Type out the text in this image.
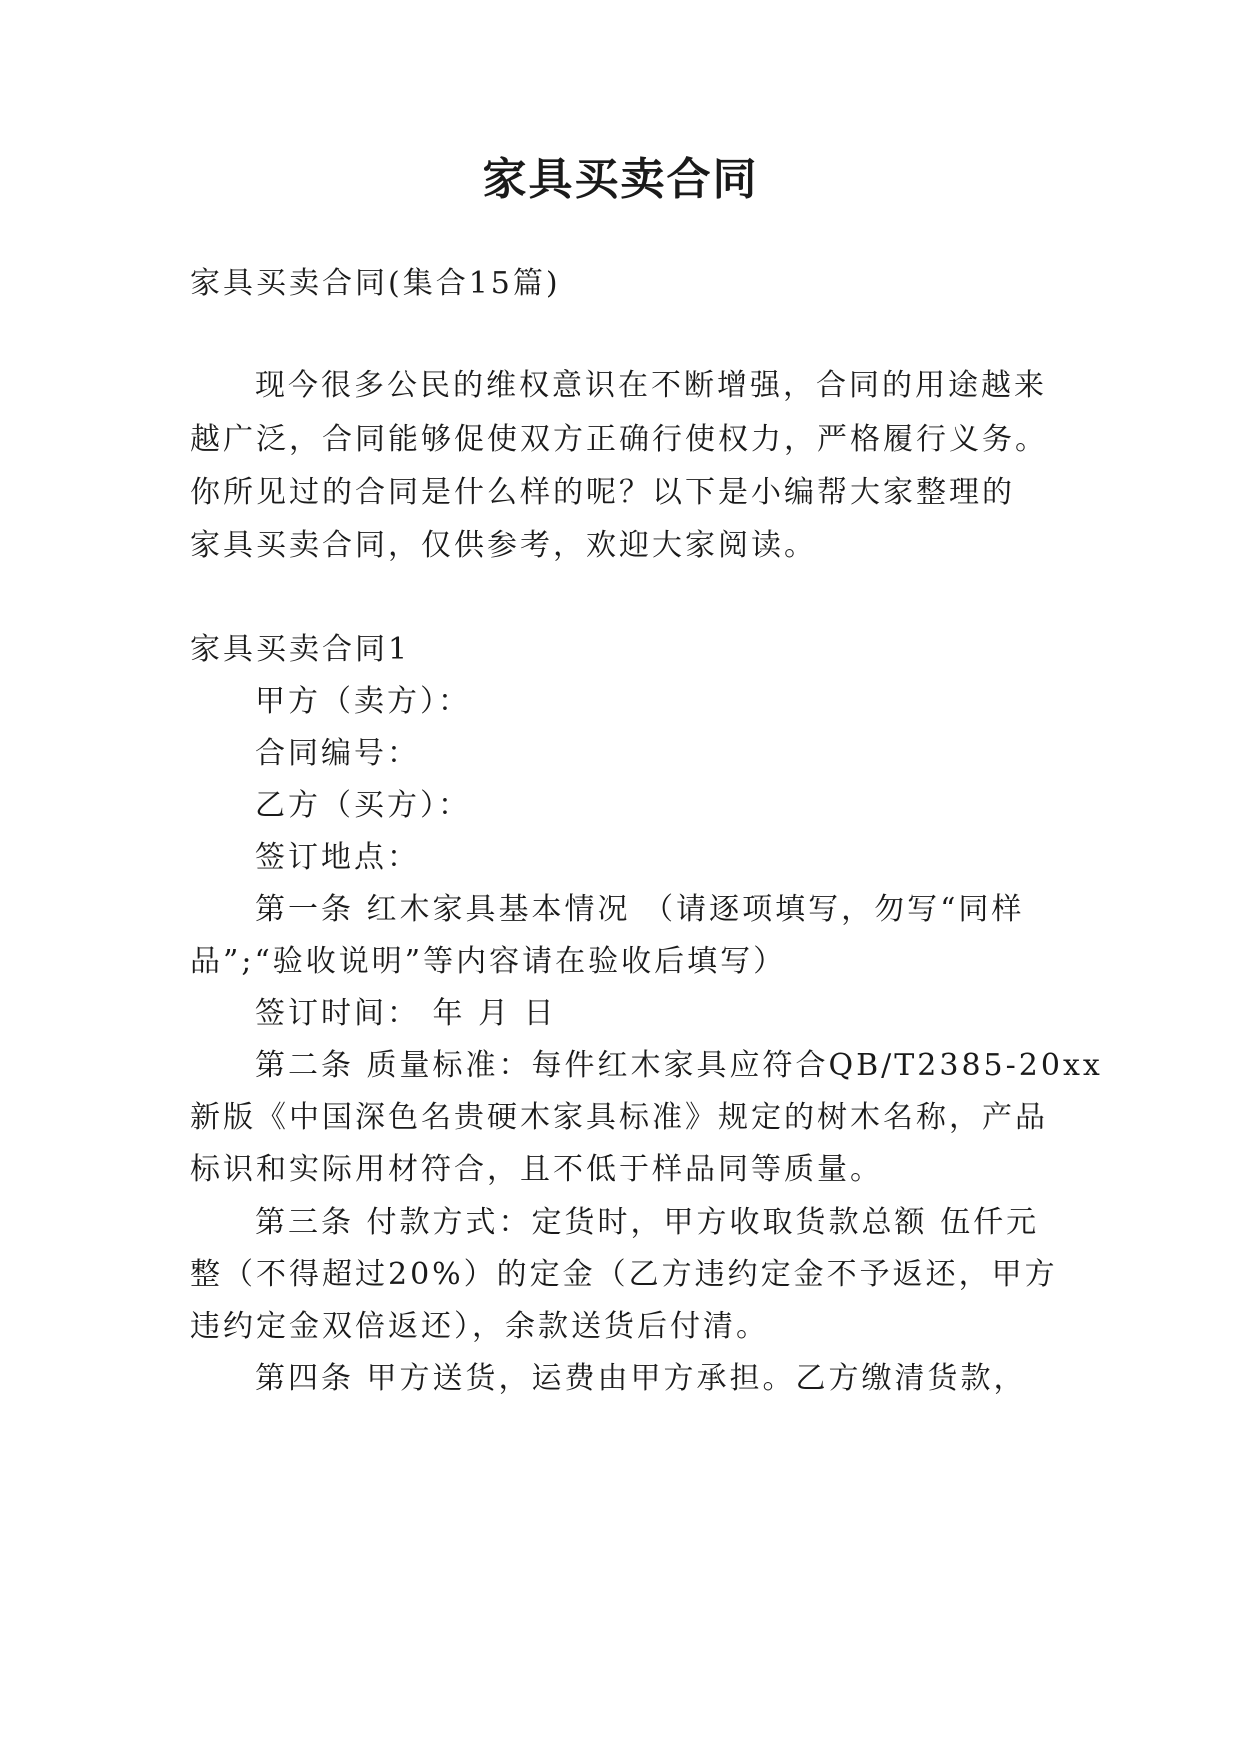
家具买卖合同

家具买卖合同(集合15篇)

现今很多公民的维权意识在不断增强，合同的用途越来

越广泛，合同能够促使双方正确行使权力，严格履行义务。

你所见过的合同是什么样的呢？以下是小编帮大家整理的

家具买卖合同，仅供参考，欢迎大家阅读。

家具买卖合同1

甲方（卖方）：

合同编号：

乙方（买方）：

签订地点：

第一条 红木家具基本情况 （请逐项填写，勿写“同样

品”;“验收说明”等内容请在验收后填写）

签订时间： 年 月 日

第二条 质量标准：每件红木家具应符合QB/T2385-20xx

新版《中国深色名贵硬木家具标准》规定的树木名称，产品

标识和实际用材符合，且不低于样品同等质量。

第三条 付款方式：定货时，甲方收取货款总额 伍仟元

整（不得超过20%）的定金（乙方违约定金不予返还，甲方

违约定金双倍返还），余款送货后付清。

第四条 甲方送货，运费由甲方承担。乙方缴清货款，
